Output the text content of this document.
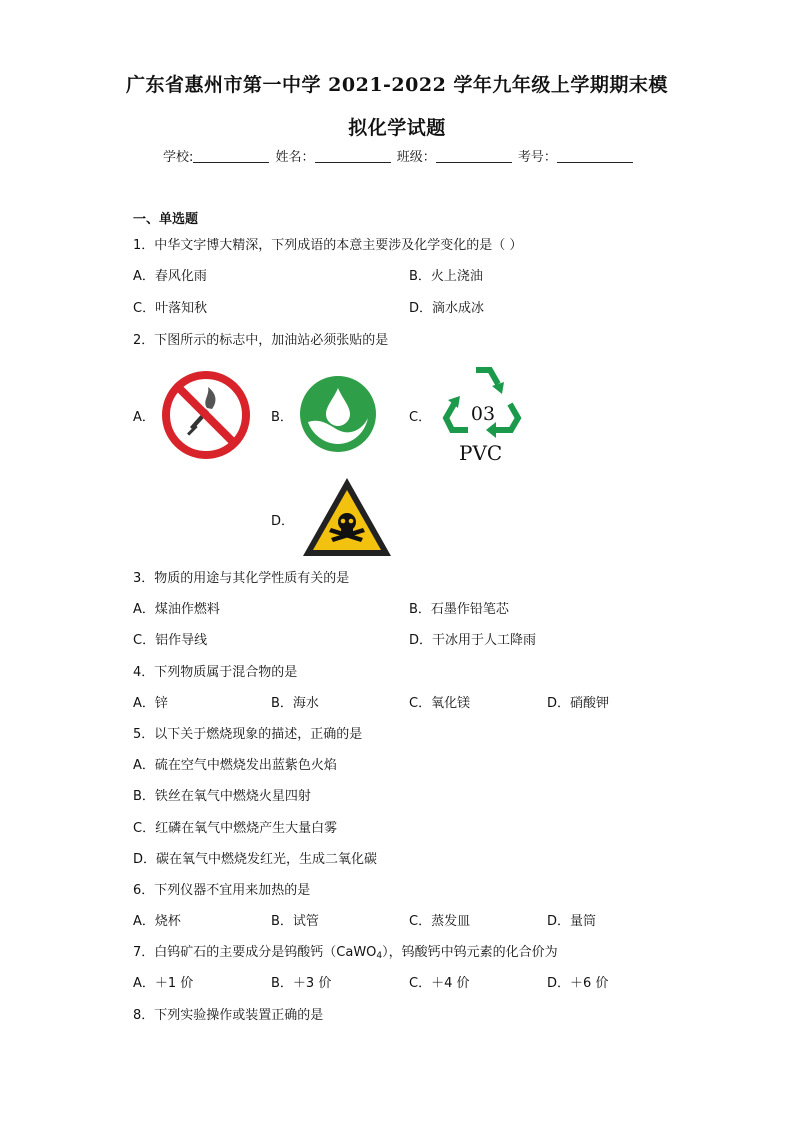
广东省惠州市第一中学 2021-2022 学年九年级上学期期末模
拟化学试题
学校:	姓名：	班级：	考号：
一、单选题
1．中华文字博大精深，下列成语的本意主要涉及化学变化的是（ ）
A．春风化雨	B．火上浇油
C．叶落知秋	D．滴水成冰
2．下图所示的标志中，加油站必须张贴的是
A．	B．	C． 03
PVC
D．
3．物质的用途与其化学性质有关的是
A．煤油作燃料	B．石墨作铅笔芯
C．铝作导线	D．干冰用于人工降雨
4．下列物质属于混合物的是
A．锌	B．海水	C．氧化镁	D．硝酸钾
5．以下关于燃烧现象的描述，正确的是
A．硫在空气中燃烧发出蓝紫色火焰
B．铁丝在氧气中燃烧火星四射
C．红磷在氧气中燃烧产生大量白雾
D．碳在氧气中燃烧发红光，生成二氧化碳
6．下列仪器不宜用来加热的是
A．烧杯	B．试管	C．蒸发皿	D．量筒
7．白钨矿石的主要成分是钨酸钙（CaWO$_4$），钨酸钙中钨元素的化合价为
A．＋1 价	B．＋3 价	C．＋4 价	D．＋6 价
8．下列实验操作或装置正确的是
